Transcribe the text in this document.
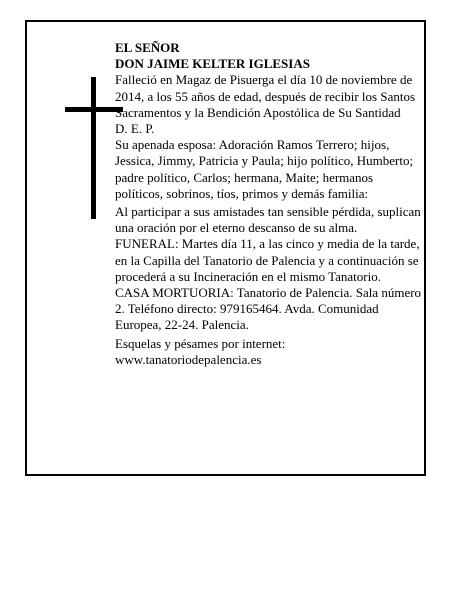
EL SEÑOR

DON JAIME KELTER IGLESIAS

Falleció en Magaz de Pisuerga el día 10 de noviembre de 2014, a los 55 años de edad, después de recibir los Santos Sacramentos y la Bendición Apostólica de Su Santidad

D. E. P.

Su apenada esposa: Adoración Ramos Terrero; hijos, Jessica, Jimmy, Patricia y Paula; hijo político, Humberto; padre político, Carlos; hermana, Maite; hermanos políticos, sobrinos, tíos, primos y demás familia:

Al participar a sus amistades tan sensible pérdida, suplican una oración por el eterno descanso de su alma.

FUNERAL: Martes día 11, a las cinco y media de la tarde, en la Capilla del Tanatorio de Palencia y a continuación se procederá a su Incineración en el mismo Tanatorio.

CASA MORTUORIA: Tanatorio de Palencia. Sala número 2. Teléfono directo: 979165464. Avda. Comunidad Europea, 22-24. Palencia.

Esquelas y pésames por internet: www.tanatoriodepalencia.es
